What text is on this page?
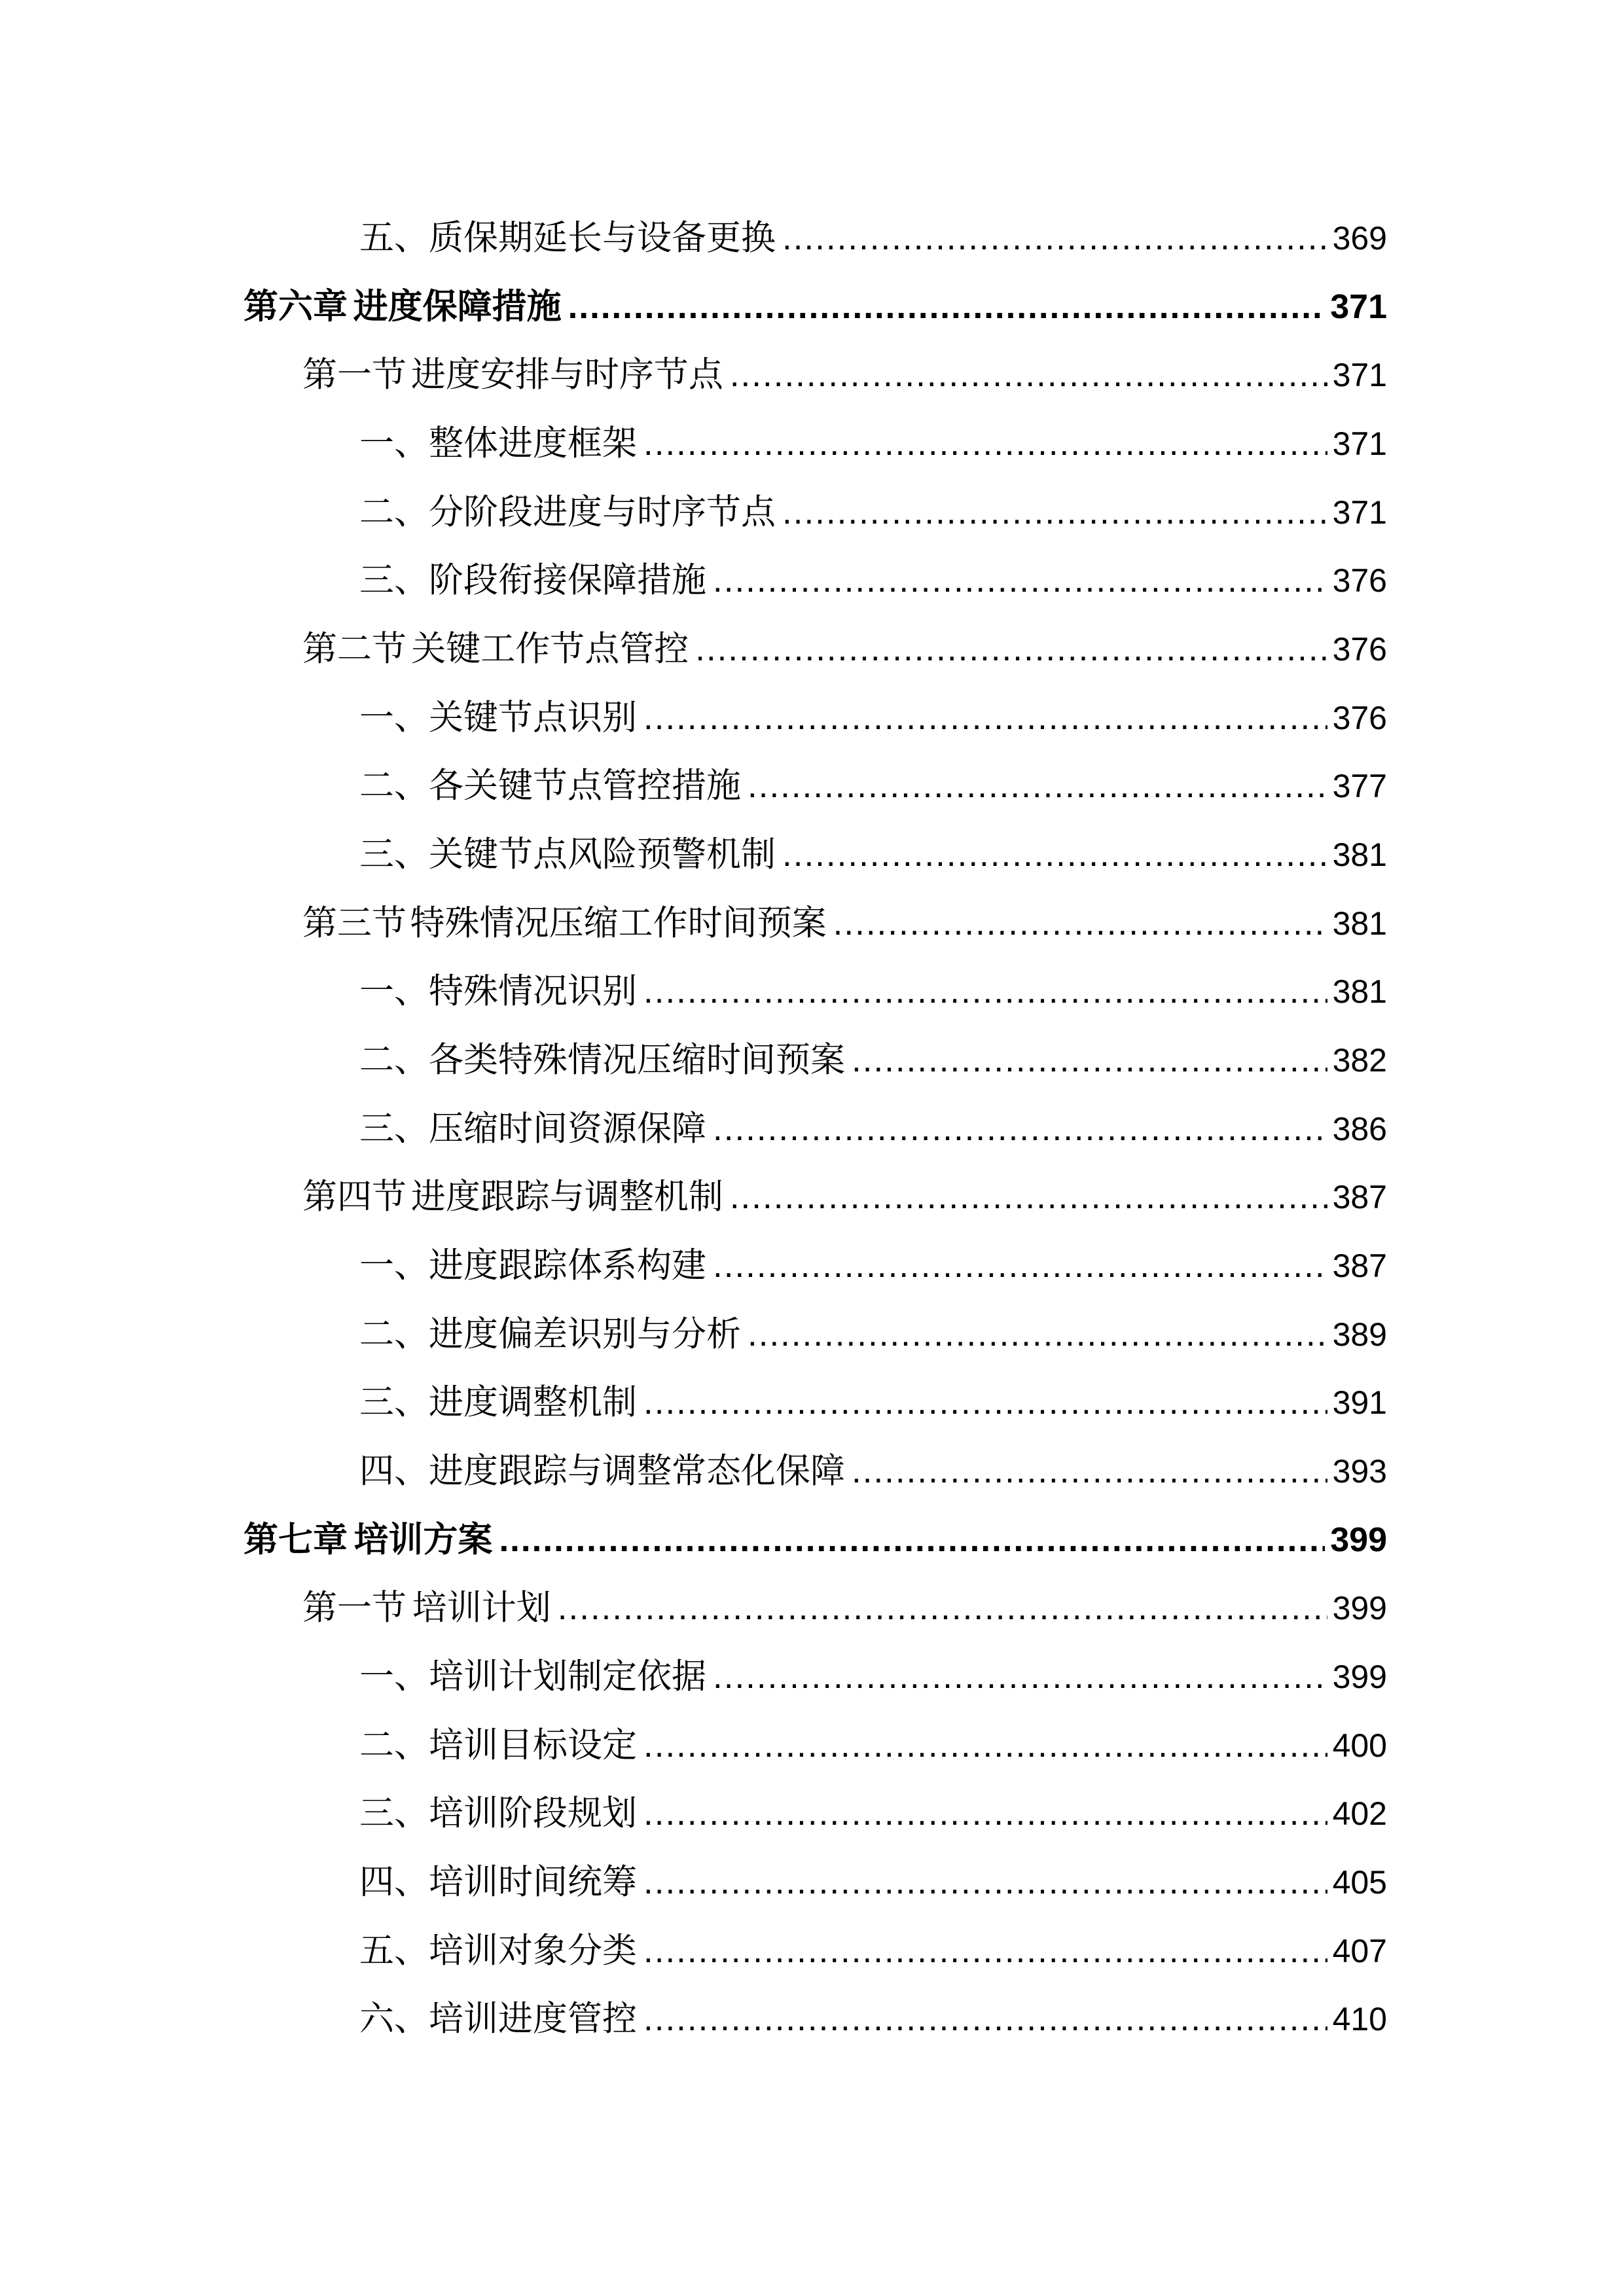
五、 质保期延长与设备更换 .....	369
第六章 进度保障措施 .....	371
第一节 进度安排与时序节点 .....	371
一、 整体进度框架 .....	371
二、 分阶段进度与时序节点 .....	371
三、 阶段衔接保障措施 .....	376
第二节 关键工作节点管控 .....	376
一、 关键节点识别 .....	376
二、 各关键节点管控措施 .....	377
三、 关键节点风险预警机制 .....	381
第三节 特殊情况压缩工作时间预案 .....	381
一、 特殊情况识别 .....	381
二、 各类特殊情况压缩时间预案 .....	382
三、 压缩时间资源保障 .....	386
第四节 进度跟踪与调整机制 .....	387
一、 进度跟踪体系构建 .....	387
二、 进度偏差识别与分析 .....	389
三、 进度调整机制 .....	391
四、 进度跟踪与调整常态化保障 .....	393
第七章 培训方案 .....	399
第一节 培训计划 .....	399
一、 培训计划制定依据 .....	399
二、 培训目标设定 .....	400
三、 培训阶段规划 .....	402
四、 培训时间统筹 .....	405
五、 培训对象分类 .....	407
六、 培训进度管控 .....	410
